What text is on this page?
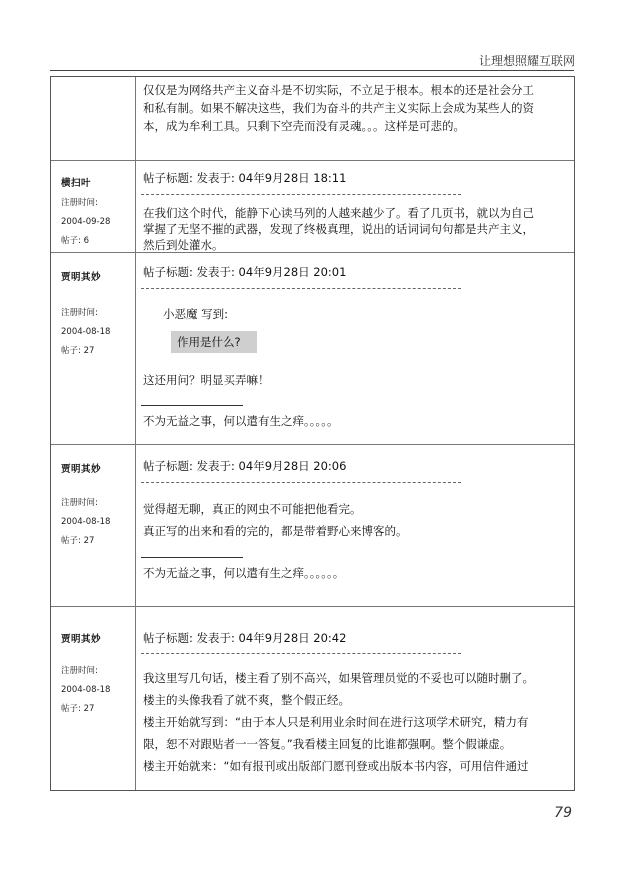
让理想照耀互联网
仅仅是为网络共产主义奋斗是不切实际，不立足于根本。根本的还是社会分工
和私有制。如果不解决这些，我们为奋斗的共产主义实际上会成为某些人的资
本，成为牟利工具。只剩下空壳而没有灵魂。。。这样是可悲的。
横扫叶
注册时间:
2004-09-28
帖子: 6
帖子标题: 发表于: 04年9月28日 18:11
在我们这个时代，能静下心读马列的人越来越少了。看了几页书，就以为自己
掌握了无坚不摧的武器，发现了终极真理，说出的话词词句句都是共产主义，
然后到处灌水。
贾明其妙
注册时间:
2004-08-18
帖子: 27
帖子标题: 发表于: 04年9月28日 20:01
小恶魔 写到:
作用是什么?
这还用问？明显买弄嘛！
不为无益之事，何以遣有生之痒。。。。。
贾明其妙
注册时间:
2004-08-18
帖子: 27
帖子标题: 发表于: 04年9月28日 20:06
觉得超无聊，真正的网虫不可能把他看完。
真正写的出来和看的完的，都是带着野心来博客的。
不为无益之事，何以遣有生之痒。。。。。。
贾明其妙
注册时间:
2004-08-18
帖子: 27
帖子标题: 发表于: 04年9月28日 20:42
我这里写几句话，楼主看了别不高兴，如果管理员觉的不妥也可以随时删了。
楼主的头像我看了就不爽，整个假正经。
楼主开始就写到：“由于本人只是利用业余时间在进行这项学术研究，精力有
限，恕不对跟贴者一一答复。”我看楼主回复的比谁都强啊。整个假谦虚。
楼主开始就来：“如有报刊或出版部门愿刊登或出版本书内容，可用信件通过
79
